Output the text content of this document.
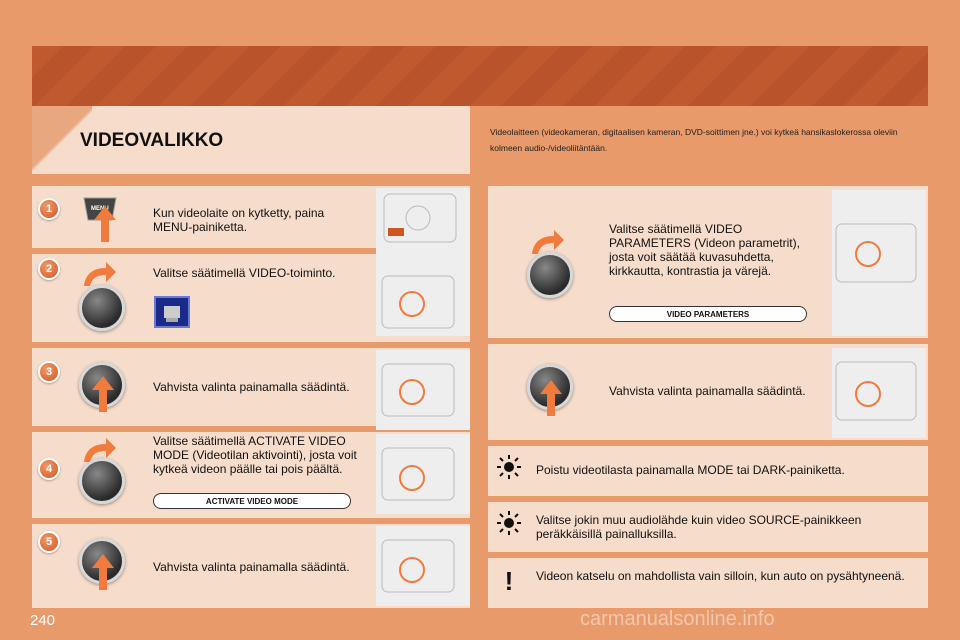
VIDEOVALIKKO	Videolaitteen (videokameran, digitaalisen kameran, DVD-soittimen jne.) voi kytkeä hansikaslokerossa oleviin kolmeen audio-/videoliitäntään.
1
2
3
4
5
MENU	Kun videolaite on kytketty, paina MENU-painiketta.
Valitse säätimellä VIDEO-toiminto.
Vahvista valinta painamalla säädintä.
Valitse säätimellä ACTIVATE VIDEO MODE (Videotilan aktivointi), josta voit kytkeä videon päälle tai pois päältä.
ACTIVATE VIDEO MODE
Vahvista valinta painamalla säädintä.
Valitse säätimellä VIDEO PARAMETERS (Videon parametrit), josta voit säätää kuvasuhdetta, kirkkautta, kontrastia ja värejä.
VIDEO PARAMETERS
Vahvista valinta painamalla säädintä.
!
Poistu videotilasta painamalla MODE tai DARK-painiketta.
Valitse jokin muu audiolähde kuin video SOURCE-painikkeen peräkkäisillä painalluksilla.
Videon katselu on mahdollista vain silloin, kun auto on pysähtyneenä.
240	carmanualsonline.info
